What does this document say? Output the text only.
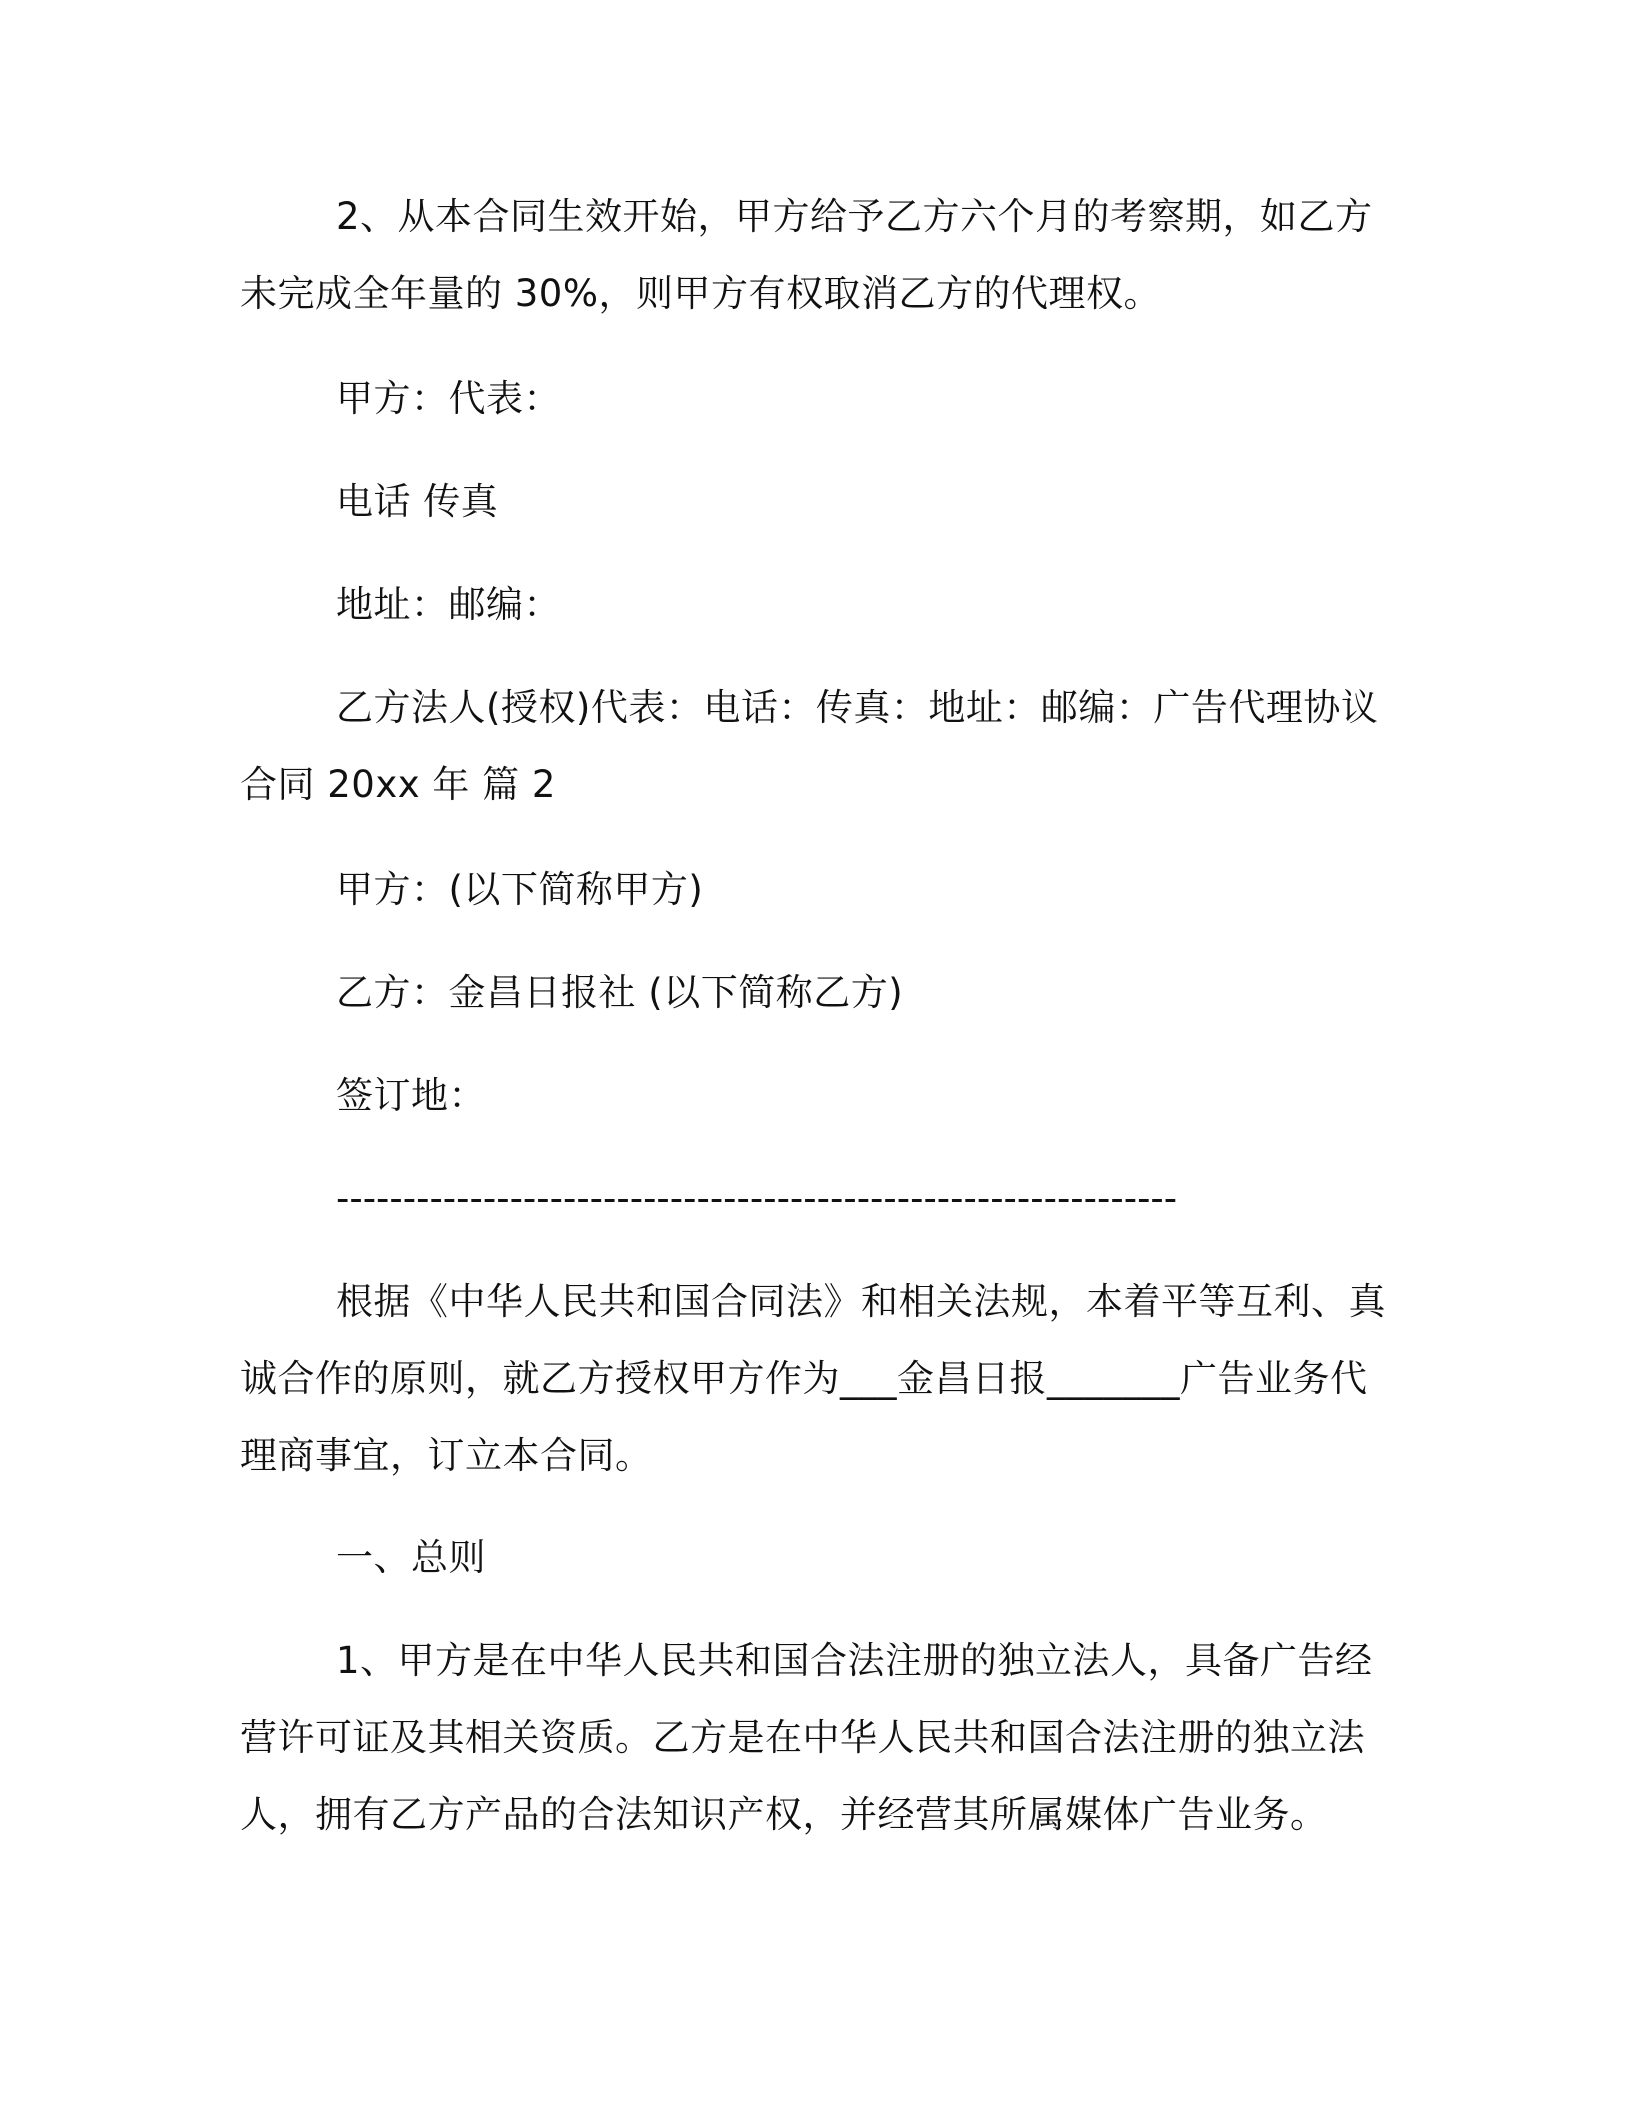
2、从本合同生效开始，甲方给予乙方六个月的考察期，如乙方未完成全年量的 30%，则甲方有权取消乙方的代理权。

甲方：代表：

电话 传真

地址：邮编：

乙方法人(授权)代表：电话：传真：地址：邮编：广告代理协议合同 20xx 年 篇 2

甲方：(以下简称甲方)

乙方：金昌日报社 (以下简称乙方)

签订地：

---------------------------------------------------------------

根据《中华人民共和国合同法》和相关法规，本着平等互利、真诚合作的原则，就乙方授权甲方作为___金昌日报_______广告业务代理商事宜，订立本合同。

一、总则

1、甲方是在中华人民共和国合法注册的独立法人，具备广告经营许可证及其相关资质。乙方是在中华人民共和国合法注册的独立法人，拥有乙方产品的合法知识产权，并经营其所属媒体广告业务。
